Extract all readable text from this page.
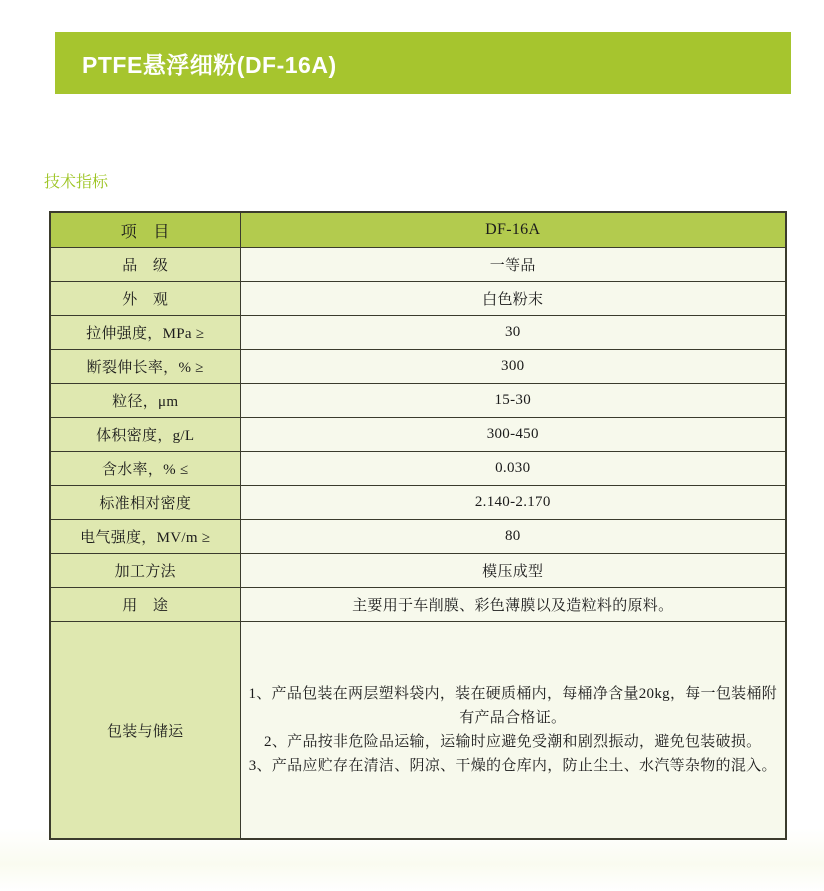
PTFE悬浮细粉(DF-16A)
技术指标
项　目	DF-16A
品　级	一等品
外　观	白色粉末
拉伸强度，MPa ≥	30
断裂伸长率，% ≥	300
粒径，μm	15-30
体积密度，g/L	300-450
含水率，% ≤	0.030
标准相对密度	2.140-2.170
电气强度，MV/m ≥	80
加工方法	模压成型
用　途	主要用于车削膜、彩色薄膜以及造粒料的原料。
包装与储运	1、产品包装在两层塑料袋内，装在硬质桶内，每桶净含量20kg，每一包装桶附有产品合格证。
2、产品按非危险品运输，运输时应避免受潮和剧烈振动，避免包装破损。
3、产品应贮存在清洁、阴凉、干燥的仓库内，防止尘土、水汽等杂物的混入。
